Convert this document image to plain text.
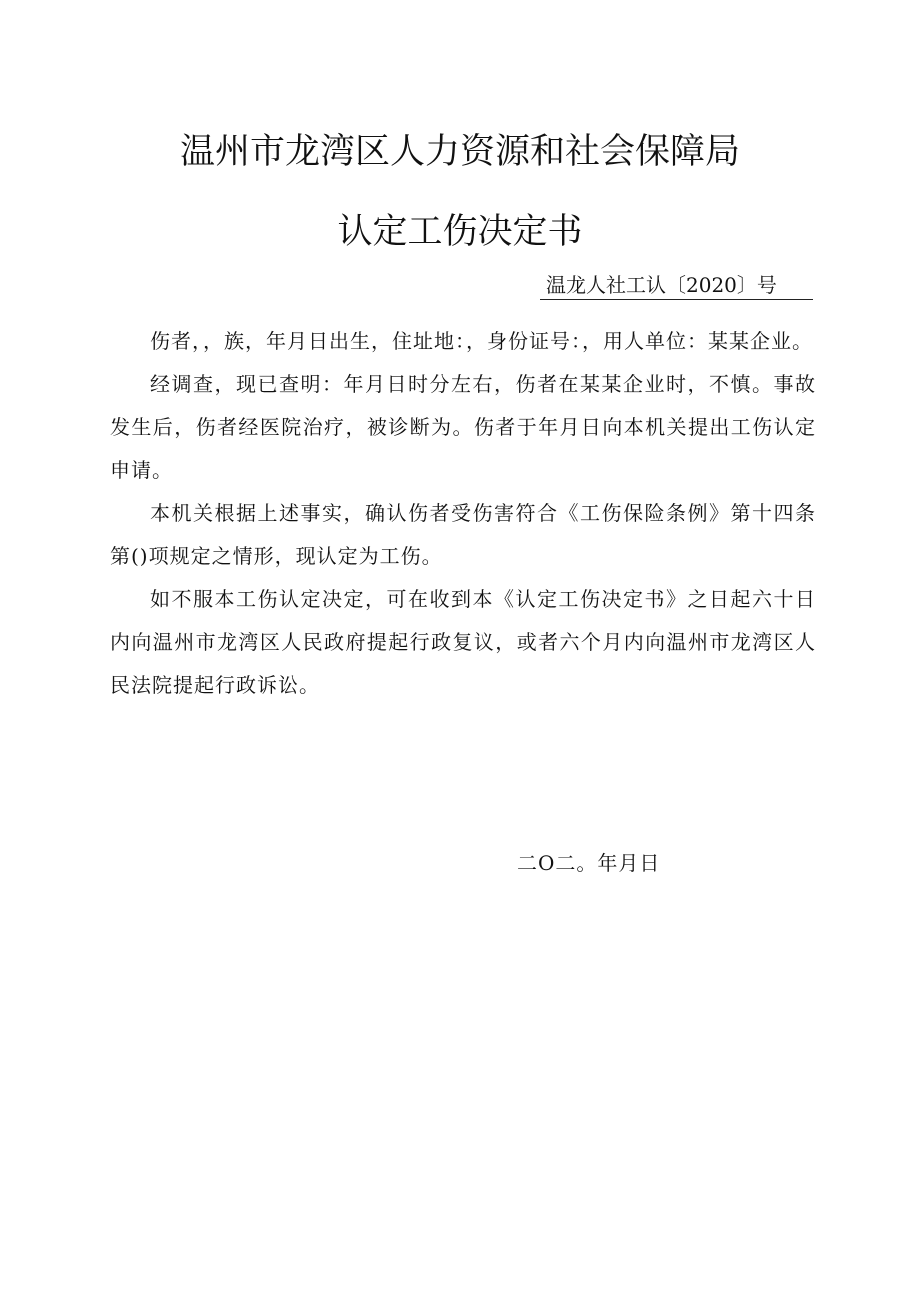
温州市龙湾区人力资源和社会保障局
认定工伤决定书
温龙人社工认〔2020〕号

伤者，，族，年月日出生，住址地：，身份证号：，用人单位：某某企业。

经调查，现已查明：年月日时分左右，伤者在某某企业时，不慎。事故发生后，伤者经医院治疗，被诊断为。伤者于年月日向本机关提出工伤认定申请。

本机关根据上述事实，确认伤者受伤害符合《工伤保险条例》第十四条第()项规定之情形，现认定为工伤。

如不服本工伤认定决定，可在收到本《认定工伤决定书》之日起六十日内向温州市龙湾区人民政府提起行政复议，或者六个月内向温州市龙湾区人民法院提起行政诉讼。

二O二。年月日
